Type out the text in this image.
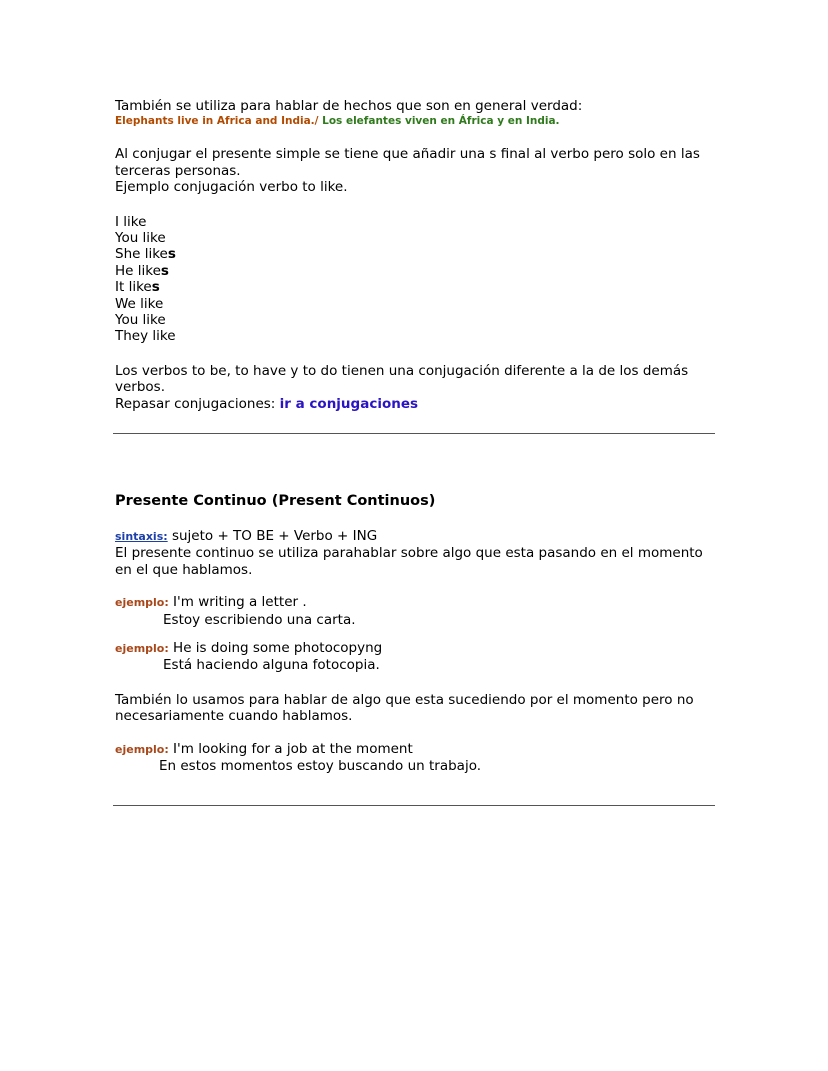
También se utiliza para hablar de hechos que son en general verdad:
Elephants live in Africa and India./ Los elefantes viven en África y en India.
Al conjugar el presente simple se tiene que añadir una s final al verbo pero solo en las
terceras personas.
Ejemplo conjugación verbo to like.
I like
You like
She likes
He likes
It likes
We like
You like
They like
Los verbos to be, to have y to do tienen una conjugación diferente a la de los demás
verbos.
Repasar conjugaciones: ir a conjugaciones
Presente Continuo (Present Continuos)
sintaxis: sujeto + TO BE + Verbo + ING
El presente continuo se utiliza parahablar sobre algo que esta pasando en el momento
en el que hablamos.
ejemplo: I'm writing a letter .
Estoy escribiendo una carta.
ejemplo: He is doing some photocopyng
Está haciendo alguna fotocopia.
También lo usamos para hablar de algo que esta sucediendo por el momento pero no
necesariamente cuando hablamos.
ejemplo: I'm looking for a job at the moment
En estos momentos estoy buscando un trabajo.
